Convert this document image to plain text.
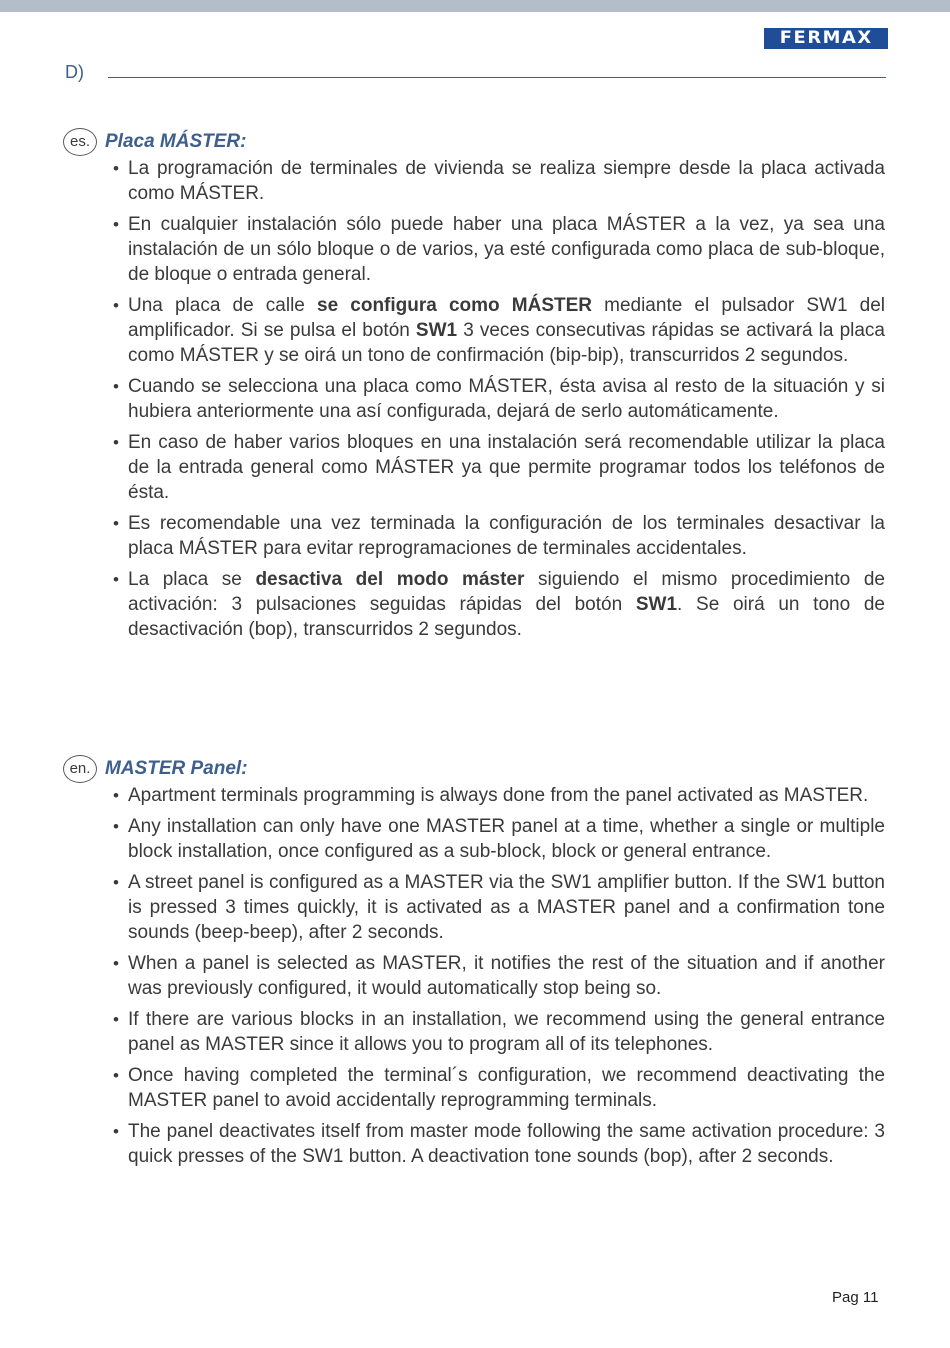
FERMAX
D)
es. Placa MÁSTER:
• La programación de terminales de vivienda se realiza siempre desde la placa activada como MÁSTER.
• En cualquier instalación sólo puede haber una placa MÁSTER a la vez, ya sea una instalación de un sólo bloque o de varios, ya esté configurada como placa de sub-bloque, de bloque o entrada general.
• Una placa de calle se configura como MÁSTER mediante el pulsador SW1 del amplificador. Si se pulsa el botón SW1 3 veces consecutivas rápidas se activará la placa como MÁSTER y se oirá un tono de confirmación (bip-bip), transcurridos 2 segundos.
• Cuando se selecciona una placa como MÁSTER, ésta avisa al resto de la situación y si hubiera anteriormente una así configurada, dejará de serlo automáticamente.
• En caso de haber varios bloques en una instalación será recomendable utilizar la placa de la entrada general como MÁSTER ya que permite programar todos los teléfonos de ésta.
• Es recomendable una vez terminada la configuración de los terminales desactivar la placa MÁSTER para evitar reprogramaciones de terminales accidentales.
• La placa se desactiva del modo máster siguiendo el mismo procedimiento de activación: 3 pulsaciones seguidas rápidas del botón SW1. Se oirá un tono de desactivación (bop), transcurridos 2 segundos.
en. MASTER Panel:
• Apartment terminals programming is always done from the panel activated as MASTER.
• Any installation can only have one MASTER panel at a time, whether a single or multiple block installation, once configured as a sub-block, block or general entrance.
• A street panel is configured as a MASTER via the SW1 amplifier button. If the SW1 button is pressed 3 times quickly, it is activated as a MASTER panel and a confirmation tone sounds (beep-beep), after 2 seconds.
• When a panel is selected as MASTER, it notifies the rest of the situation and if another was previously configured, it would automatically stop being so.
• If there are various blocks in an installation, we recommend using the general entrance panel as MASTER since it allows you to program all of its telephones.
• Once having completed the terminal´s configuration, we recommend deactivating the MASTER panel to avoid accidentally reprogramming terminals.
• The panel deactivates itself from master mode following the same activation procedure: 3 quick presses of the SW1 button. A deactivation tone sounds (bop), after 2 seconds.
Pag 11
